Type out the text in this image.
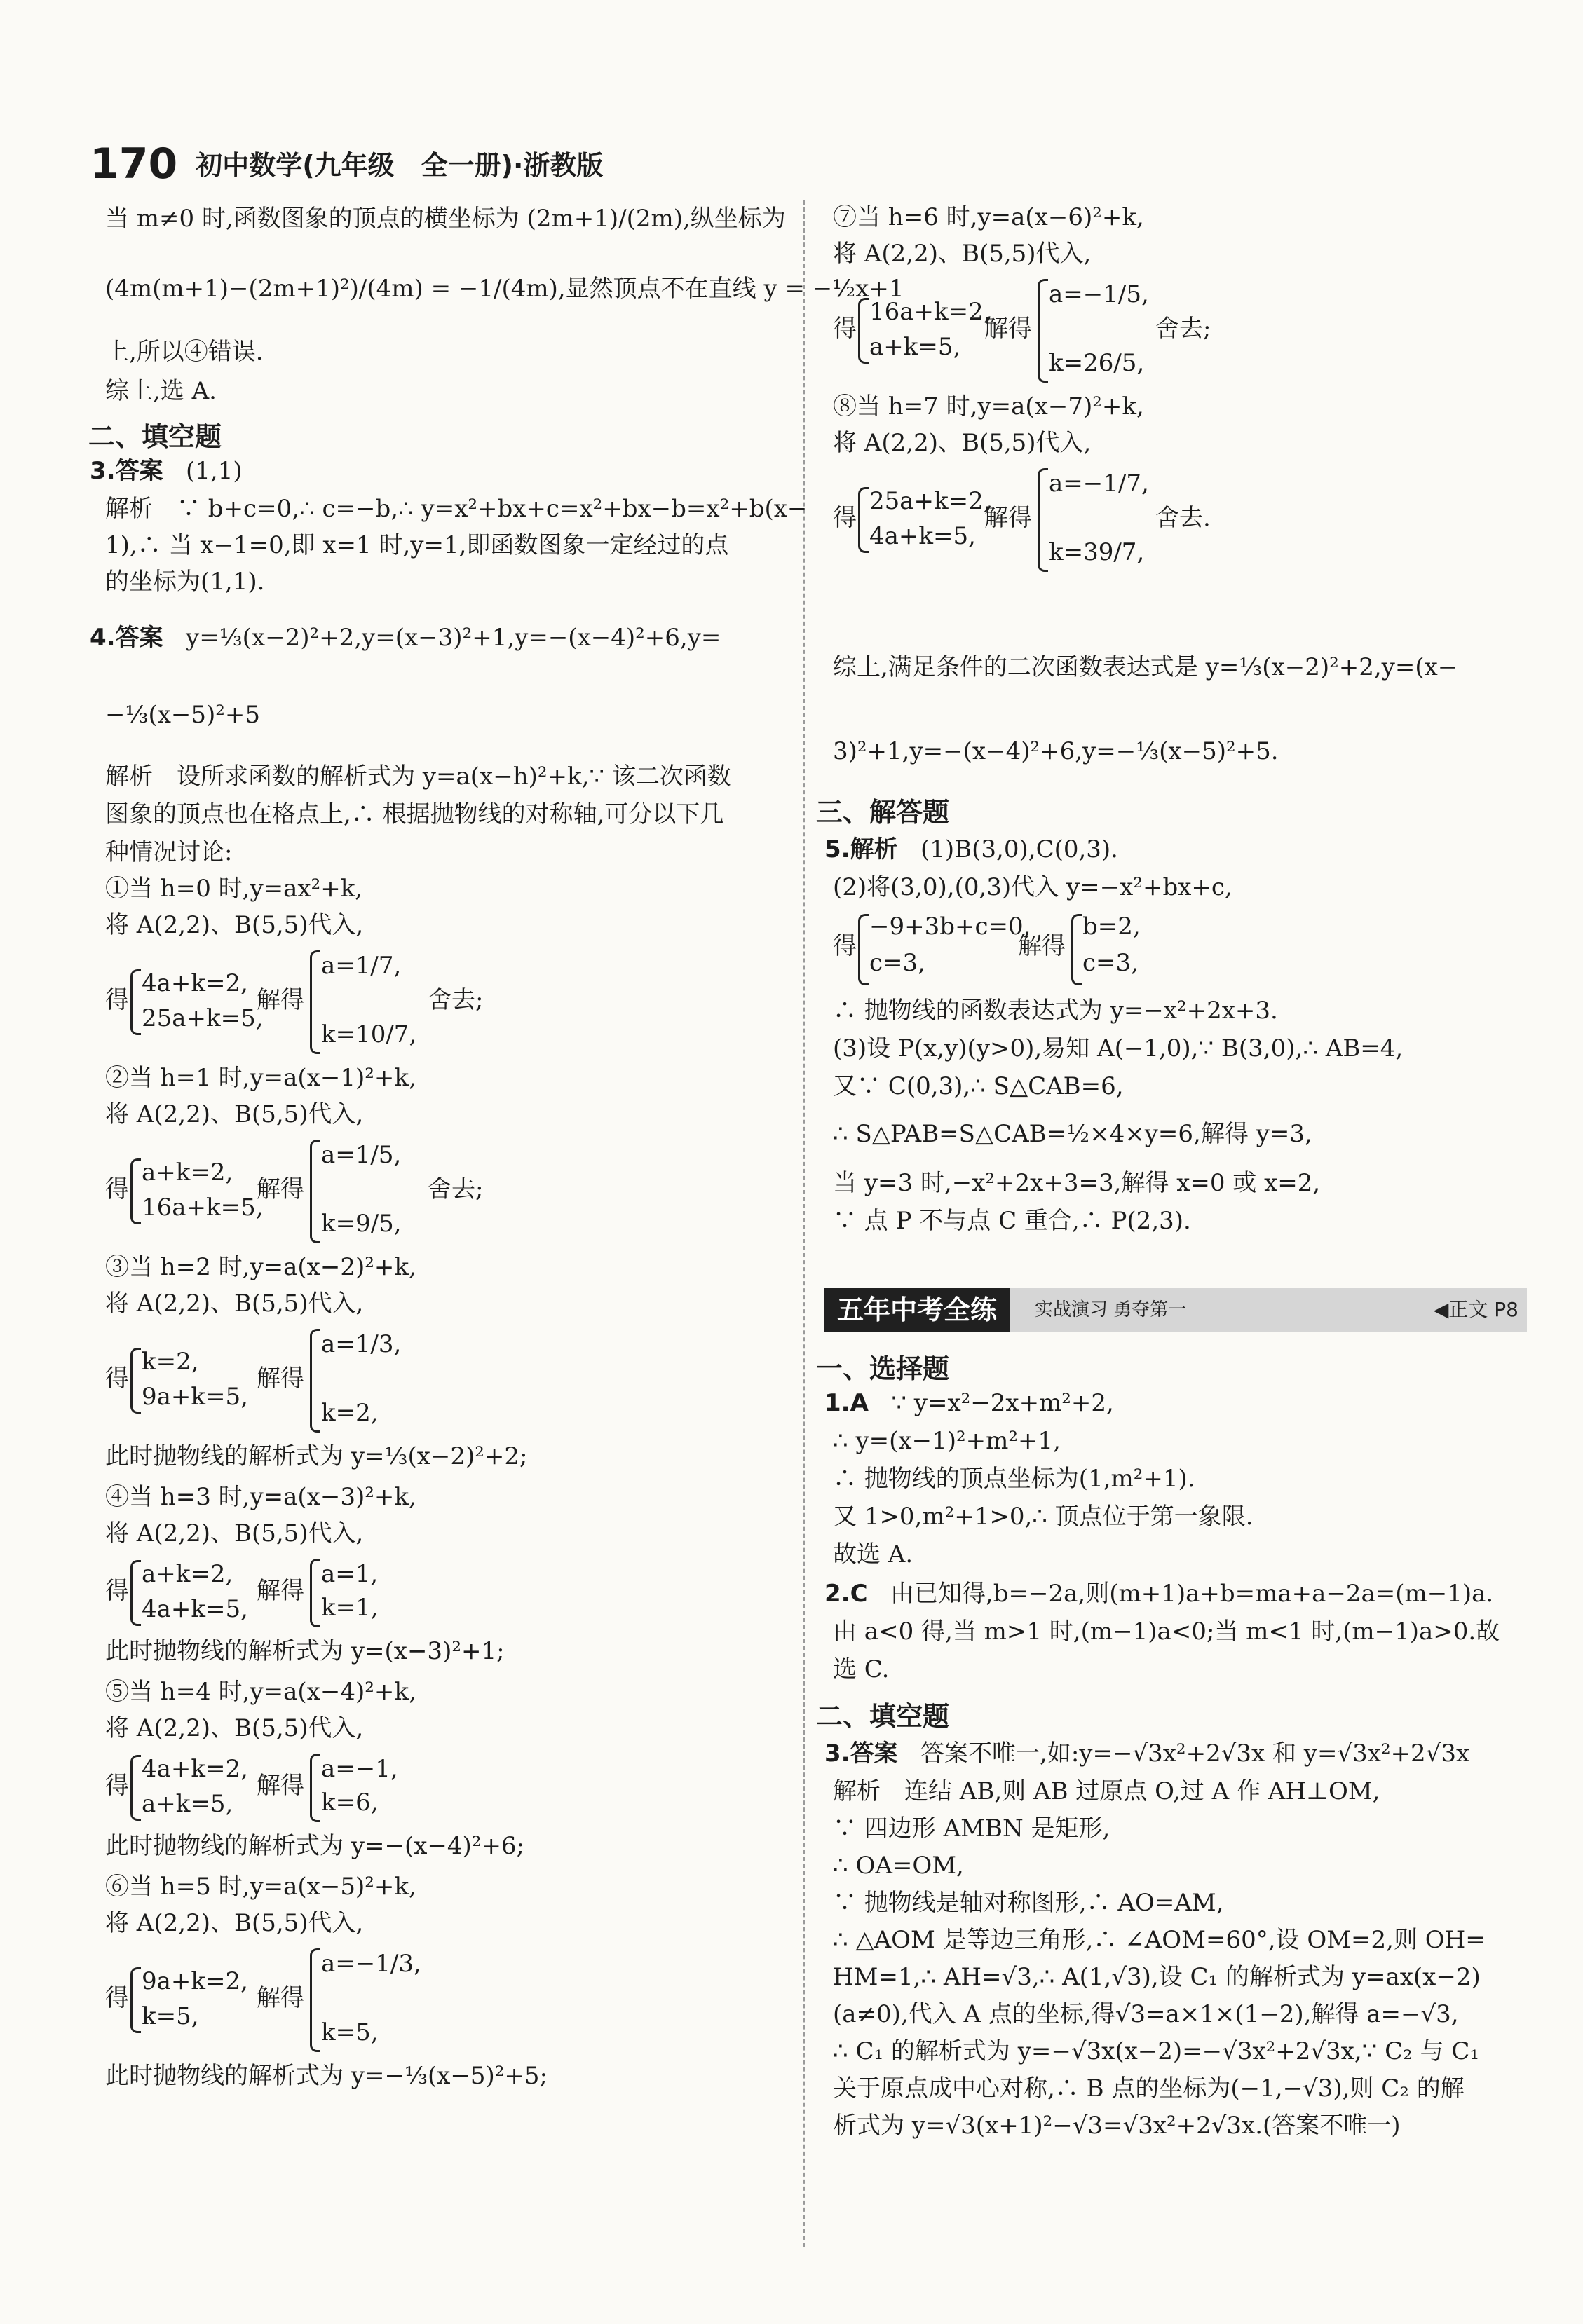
170 初中数学(九年级　全一册)·浙教版
当 m≠0 时,函数图象的顶点的横坐标为 (2m+1)/(2m),纵坐标为
(4m(m+1)−(2m+1)²)/(4m) = −1/(4m),显然顶点不在直线 y = −½x+1
上,所以④错误.
综上,选 A.
二、填空题
3.答案 (1,1)
解析　∵ b+c=0,∴ c=−b,∴ y=x²+bx+c=x²+bx−b=x²+b(x−
1),∴ 当 x−1=0,即 x=1 时,y=1,即函数图象一定经过的点
的坐标为(1,1).
4.答案 y=⅓(x−2)²+2,y=(x−3)²+1,y=−(x−4)²+6,y=
−⅓(x−5)²+5
解析　设所求函数的解析式为 y=a(x−h)²+k,∵ 该二次函数
图象的顶点也在格点上,∴ 根据抛物线的对称轴,可分以下几
种情况讨论:
①当 h=0 时,y=ax²+k,
将 A(2,2)、B(5,5)代入,
得
4a+k=2,
25a+k=5,
解得
a=1/7,
k=10/7,
舍去;
②当 h=1 时,y=a(x−1)²+k,
将 A(2,2)、B(5,5)代入,
得
a+k=2,
16a+k=5,
解得
a=1/5,
k=9/5,
舍去;
③当 h=2 时,y=a(x−2)²+k,
将 A(2,2)、B(5,5)代入,
得
k=2,
9a+k=5,
解得
a=1/3,
k=2,
此时抛物线的解析式为 y=⅓(x−2)²+2;
④当 h=3 时,y=a(x−3)²+k,
将 A(2,2)、B(5,5)代入,
得
a+k=2,
4a+k=5,
解得
a=1,
k=1,
此时抛物线的解析式为 y=(x−3)²+1;
⑤当 h=4 时,y=a(x−4)²+k,
将 A(2,2)、B(5,5)代入,
得
4a+k=2,
a+k=5,
解得
a=−1,
k=6,
此时抛物线的解析式为 y=−(x−4)²+6;
⑥当 h=5 时,y=a(x−5)²+k,
将 A(2,2)、B(5,5)代入,
得
9a+k=2,
k=5,
解得
a=−1/3,
k=5,
此时抛物线的解析式为 y=−⅓(x−5)²+5;
⑦当 h=6 时,y=a(x−6)²+k,
将 A(2,2)、B(5,5)代入,
得
16a+k=2,
a+k=5,
解得
a=−1/5,
k=26/5,
舍去;
⑧当 h=7 时,y=a(x−7)²+k,
将 A(2,2)、B(5,5)代入,
得
25a+k=2,
4a+k=5,
解得
a=−1/7,
k=39/7,
舍去.
综上,满足条件的二次函数表达式是 y=⅓(x−2)²+2,y=(x−
3)²+1,y=−(x−4)²+6,y=−⅓(x−5)²+5.
三、解答题
5.解析 (1)B(3,0),C(0,3).
(2)将(3,0),(0,3)代入 y=−x²+bx+c,
得
−9+3b+c=0,
c=3,
解得
b=2,
c=3,
∴ 抛物线的函数表达式为 y=−x²+2x+3.
(3)设 P(x,y)(y>0),易知 A(−1,0),∵ B(3,0),∴ AB=4,
又∵ C(0,3),∴ S△CAB=6,
∴ S△PAB=S△CAB=½×4×y=6,解得 y=3,
当 y=3 时,−x²+2x+3=3,解得 x=0 或 x=2,
∵ 点 P 不与点 C 重合,∴ P(2,3).
一、选择题
1.A ∵ y=x²−2x+m²+2,
∴ y=(x−1)²+m²+1,
∴ 抛物线的顶点坐标为(1,m²+1).
又 1>0,m²+1>0,∴ 顶点位于第一象限.
故选 A.
2.C 由已知得,b=−2a,则(m+1)a+b=ma+a−2a=(m−1)a.
由 a<0 得,当 m>1 时,(m−1)a<0;当 m<1 时,(m−1)a>0.故
选 C.
二、填空题
3.答案 答案不唯一,如:y=−√3x²+2√3x 和 y=√3x²+2√3x
解析　连结 AB,则 AB 过原点 O,过 A 作 AH⊥OM,
∵ 四边形 AMBN 是矩形,
∴ OA=OM,
∵ 抛物线是轴对称图形,∴ AO=AM,
∴ △AOM 是等边三角形,∴ ∠AOM=60°,设 OM=2,则 OH=
HM=1,∴ AH=√3,∴ A(1,√3),设 C₁ 的解析式为 y=ax(x−2)
(a≠0),代入 A 点的坐标,得√3=a×1×(1−2),解得 a=−√3,
∴ C₁ 的解析式为 y=−√3x(x−2)=−√3x²+2√3x,∵ C₂ 与 C₁
关于原点成中心对称,∴ B 点的坐标为(−1,−√3),则 C₂ 的解
析式为 y=√3(x+1)²−√3=√3x²+2√3x.(答案不唯一)
五年中考全练	实战演习 勇夺第一	◀正文 P8
